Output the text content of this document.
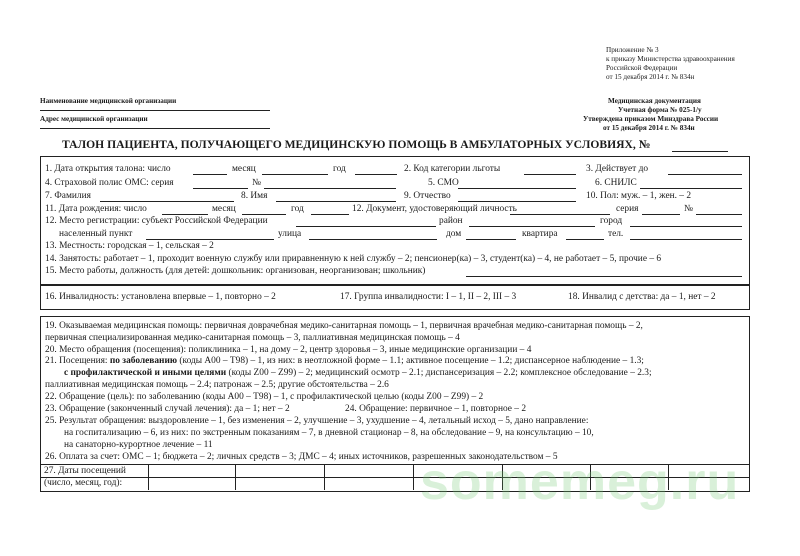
Приложение № 3
к приказу Министерства здравоохранения
Российской Федерации
от 15 декабря 2014 г. № 834н
Наименование медицинской организации
Адрес медицинской организации
Медицинская документация
Учетная форма № 025-1/у
Утверждена приказом Минздрава России
от 15 декабря 2014 г. № 834н
ТАЛОН ПАЦИЕНТА, ПОЛУЧАЮЩЕГО МЕДИЦИНСКУЮ ПОМОЩЬ В АМБУЛАТОРНЫХ УСЛОВИЯХ, №
1. Дата открытия талона: число	месяц	год	2. Код категории льготы	3. Действует до
4. Страховой полис ОМС: серия	№	5. СМО	6. СНИЛС
7. Фамилия	8. Имя	9. Отчество	10. Пол: муж. – 1, жен. – 2
11. Дата рождения: число	месяц	год	12. Документ, удостоверяющий личность	серия	№
12. Место регистрации: субъект Российской Федерации	район	город
населенный пункт	улица	дом	квартира	тел.
13. Местность: городская – 1, сельская – 2
14. Занятость: работает – 1, проходит военную службу или приравненную к ней службу – 2; пенсионер(ка) – 3, студент(ка) – 4, не работает – 5, прочие – 6
15. Место работы, должность (для детей: дошкольник: организован, неорганизован; школьник)
16. Инвалидность: установлена впервые – 1, повторно – 2	17. Группа инвалидности: I – 1, II – 2, III – 3	18. Инвалид с детства: да – 1, нет – 2
19. Оказываемая медицинская помощь: первичная доврачебная медико-санитарная помощь – 1, первичная врачебная медико-санитарная помощь – 2,
первичная специализированная медико-санитарная помощь – 3, паллиативная медицинская помощь – 4
20. Место обращения (посещения): поликлиника – 1, на дому – 2, центр здоровья – 3, иные медицинские организации – 4
21. Посещения: по заболеванию (коды А00 – Т98) – 1, из них: в неотложной форме – 1.1; активное посещение – 1.2; диспансерное наблюдение – 1.3;
с профилактической и иными целями (коды Z00 – Z99) – 2; медицинский осмотр – 2.1; диспансеризация – 2.2; комплексное обследование – 2.3;
паллиативная медицинская помощь – 2.4; патронаж – 2.5; другие обстоятельства – 2.6
22. Обращение (цель): по заболеванию (коды А00 – Т98) – 1, с профилактической целью (коды Z00 – Z99) – 2
23. Обращение (законченный случай лечения): да – 1; нет – 2	24. Обращение: первичное – 1, повторное – 2
25. Результат обращения: выздоровление – 1, без изменения – 2, улучшение – 3, ухудшение – 4, летальный исход – 5, дано направление:
на госпитализацию – 6, из них: по экстренным показаниям – 7, в дневной стационар – 8, на обследование – 9, на консультацию – 10,
на санаторно-курортное лечение – 11
26. Оплата за счет: ОМС – 1; бюджета – 2; личных средств – 3; ДМС – 4; иных источников, разрешенных законодательством – 5
27. Даты посещений
(число, месяц, год):	somemeg.ru
